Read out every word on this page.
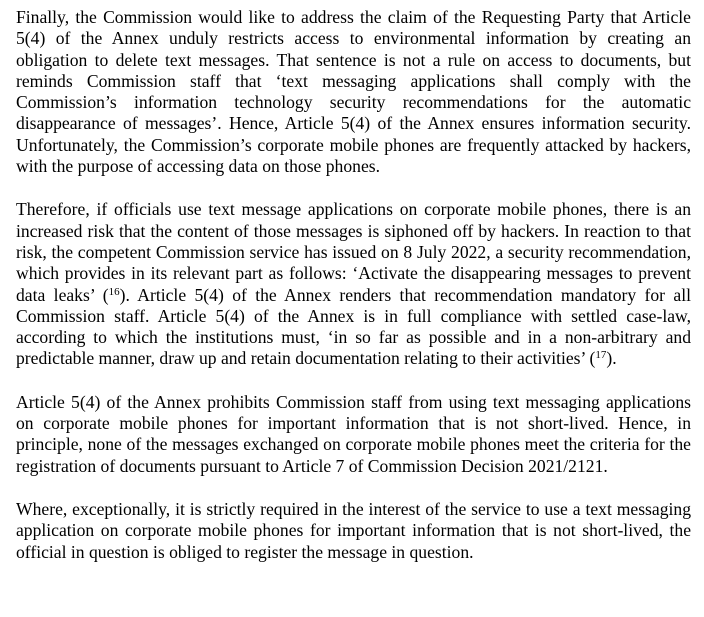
Finally, the Commission would like to address the claim of the Requesting Party that Article 5(4) of the Annex unduly restricts access to environmental information by creating an obligation to delete text messages. That sentence is not a rule on access to documents, but reminds Commission staff that ‘text messaging applications shall comply with the Commission’s information technology security recommendations for the automatic disappearance of messages’. Hence, Article 5(4) of the Annex ensures information security. Unfortunately, the Commission’s corporate mobile phones are frequently attacked by hackers, with the purpose of accessing data on those phones.

Therefore, if officials use text message applications on corporate mobile phones, there is an increased risk that the content of those messages is siphoned off by hackers. In reaction to that risk, the competent Commission service has issued on 8 July 2022, a security recommendation, which provides in its relevant part as follows: ‘Activate the disappearing messages to prevent data leaks’ ($^{16}$). Article 5(4) of the Annex renders that recommendation mandatory for all Commission staff. Article 5(4) of the Annex is in full compliance with settled case-law, according to which the institutions must, ‘in so far as possible and in a non-arbitrary and predictable manner, draw up and retain documentation relating to their activities’ ($^{17}$).

Article 5(4) of the Annex prohibits Commission staff from using text messaging applications on corporate mobile phones for important information that is not short-lived. Hence, in principle, none of the messages exchanged on corporate mobile phones meet the criteria for the registration of documents pursuant to Article 7 of Commission Decision 2021/2121.

Where, exceptionally, it is strictly required in the interest of the service to use a text messaging application on corporate mobile phones for important information that is not short-lived, the official in question is obliged to register the message in question.
